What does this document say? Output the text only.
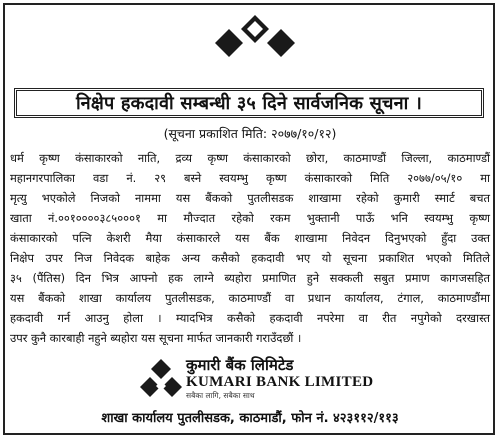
निक्षेप हकदावी सम्बन्धी ३५ दिने सार्वजनिक सूचना ।
(सूचना प्रकाशित मिति: २०७७/१०/१२)
धर्म कृष्ण कंसाकारको नाति, द्रव्य कृष्ण कंसाकारको छोरा, काठमाण्डौं जिल्ला, काठमाण्डौं
महानगरपालिका वडा नं. २९ बस्ने स्वयम्भु कृष्ण कंसाकारको मिति २०७७/०५/१० मा
मृत्यु भएकोले निजको नाममा यस बैंकको पुतलीसडक शाखामा रहेको कुमारी स्मार्ट बचत
खाता नं.००१००००३८५०००१ मा मौज्दात रहेको रकम भुक्तानी पाऊँ भनि स्वयम्भु कृष्ण
कंसाकारको पत्नि केशरी मैया कंसाकारले यस बैंक शाखामा निवेदन दिनुभएको हुँदा उक्त
निक्षेप उपर निज निवेदक बाहेक अन्य कसैको हकदावी भए यो सूचना प्रकाशित भएको मितिले
३५ (पैंतिस) दिन भित्र आफ्नो हक लाग्ने ब्यहोरा प्रमाणित हुने सक्कली सबुत प्रमाण कागजसहित
यस बैंकको शाखा कार्यालय पुतलीसडक, काठमाण्डौं वा प्रधान कार्यालय, टंगाल, काठमाण्डौंमा
हकदावी गर्न आउनु होला । म्यादभित्र कसैको हकदावी नपरेमा वा रीत नपुगेको दरखास्त
उपर कुनै कारबाही नहुने ब्यहोरा यस सूचना मार्फत जानकारी गराउँदछौं ।
कुमारी बैंक लिमिटेड
KUMARI BANK LIMITED
सबैका लागि, सबैका साथ
शाखा कार्यालय पुतलीसडक, काठमाडौं, फोन नं. ४२३११२/११३
